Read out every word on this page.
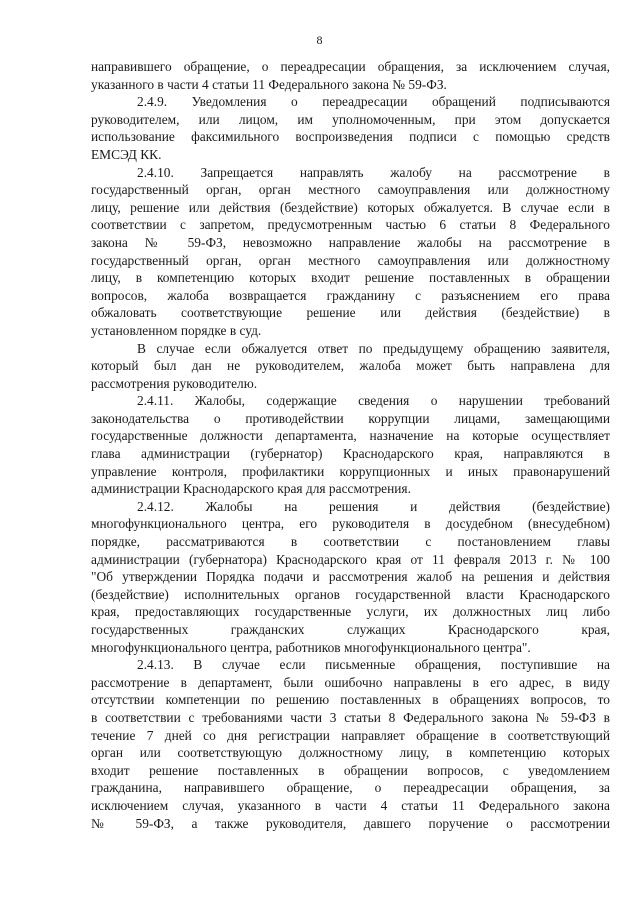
8
направившего обращение, о переадресации обращения, за исключением случая,
указанного в части 4 статьи 11 Федерального закона № 59-ФЗ.
2.4.9. Уведомления о переадресации обращений подписываются
руководителем, или лицом, им уполномоченным, при этом допускается
использование факсимильного воспроизведения подписи с помощью средств
ЕМСЭД КК.
2.4.10. Запрещается направлять жалобу на рассмотрение в
государственный орган, орган местного самоуправления или должностному
лицу, решение или действия (бездействие) которых обжалуется. В случае если в
соответствии с запретом, предусмотренным частью 6 статьи 8 Федерального
закона № 59-ФЗ, невозможно направление жалобы на рассмотрение в
государственный орган, орган местного самоуправления или должностному
лицу, в компетенцию которых входит решение поставленных в обращении
вопросов, жалоба возвращается гражданину с разъяснением его права
обжаловать соответствующие решение или действия (бездействие) в
установленном порядке в суд.
В случае если обжалуется ответ по предыдущему обращению заявителя,
который был дан не руководителем, жалоба может быть направлена для
рассмотрения руководителю.
2.4.11. Жалобы, содержащие сведения о нарушении требований
законодательства о противодействии коррупции лицами, замещающими
государственные должности департамента, назначение на которые осуществляет
глава администрации (губернатор) Краснодарского края, направляются в
управление контроля, профилактики коррупционных и иных правонарушений
администрации Краснодарского края для рассмотрения.
2.4.12. Жалобы на решения и действия (бездействие)
многофункционального центра, его руководителя в досудебном (внесудебном)
порядке, рассматриваются в соответствии с постановлением главы
администрации (губернатора) Краснодарского края от 11 февраля 2013 г. № 100
"Об утверждении Порядка подачи и рассмотрения жалоб на решения и действия
(бездействие) исполнительных органов государственной власти Краснодарского
края, предоставляющих государственные услуги, их должностных лиц либо
государственных гражданских служащих Краснодарского края,
многофункционального центра, работников многофункционального центра".
2.4.13. В случае если письменные обращения, поступившие на
рассмотрение в департамент, были ошибочно направлены в его адрес, в виду
отсутствии компетенции по решению поставленных в обращениях вопросов, то
в соответствии с требованиями части 3 статьи 8 Федерального закона № 59-ФЗ в
течение 7 дней со дня регистрации направляет обращение в соответствующий
орган или соответствующую должностному лицу, в компетенцию которых
входит решение поставленных в обращении вопросов, с уведомлением
гражданина, направившего обращение, о переадресации обращения, за
исключением случая, указанного в части 4 статьи 11 Федерального закона
№ 59-ФЗ, а также руководителя, давшего поручение о рассмотрении
